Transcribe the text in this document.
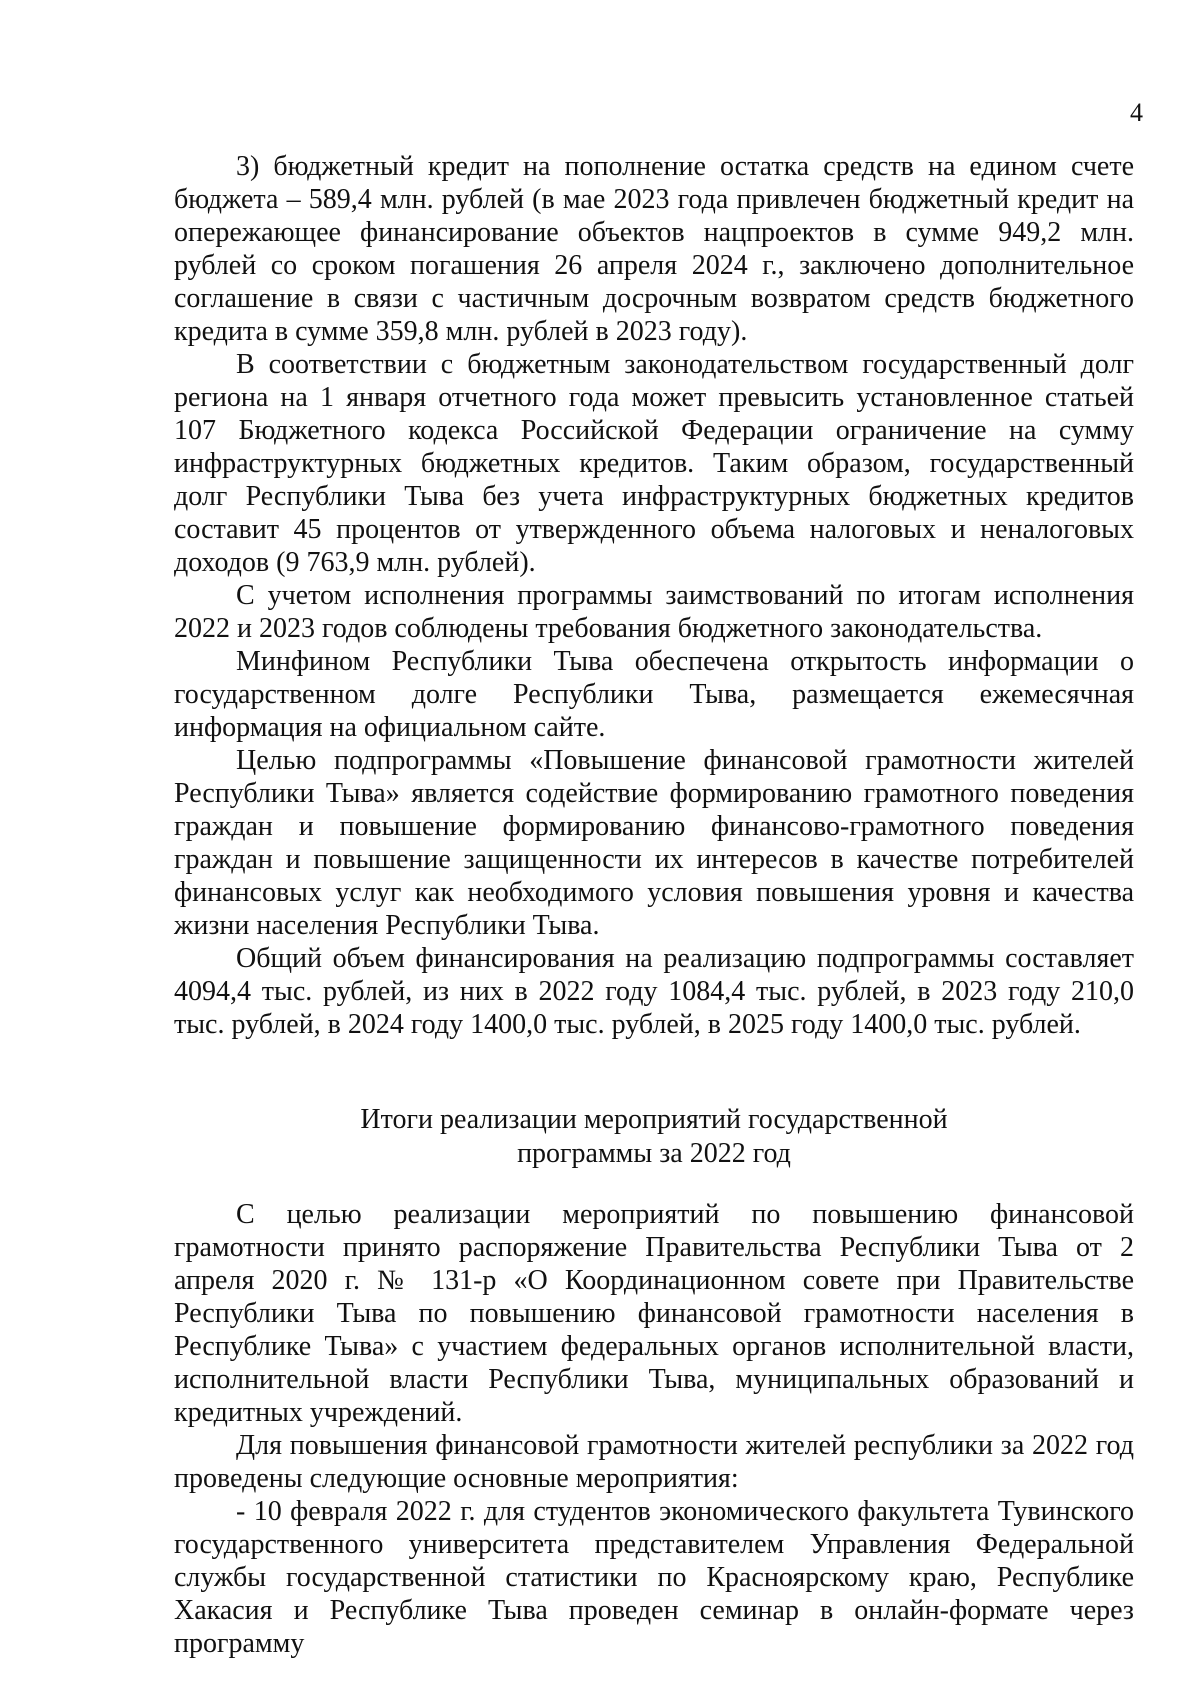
4

3) бюджетный кредит на пополнение остатка средств на едином счете бюджета – 589,4 млн. рублей (в мае 2023 года привлечен бюджетный кредит на опережающее финансирование объектов нацпроектов в сумме 949,2 млн. рублей со сроком погашения 26 апреля 2024 г., заключено дополнительное соглашение в связи с частичным досрочным возвратом средств бюджетного кредита в сумме 359,8 млн. рублей в 2023 году).

В соответствии с бюджетным законодательством государственный долг региона на 1 января отчетного года может превысить установленное статьей 107 Бюджетного кодекса Российской Федерации ограничение на сумму инфраструктурных бюджетных кредитов. Таким образом, государственный долг Республики Тыва без учета инфраструктурных бюджетных кредитов составит 45 процентов от утвержденного объема налоговых и неналоговых доходов (9 763,9 млн. рублей).

С учетом исполнения программы заимствований по итогам исполнения 2022 и 2023 годов соблюдены требования бюджетного законодательства.

Минфином Республики Тыва обеспечена открытость информации о государственном долге Республики Тыва, размещается ежемесячная информация на официальном сайте.

Целью подпрограммы «Повышение финансовой грамотности жителей Республики Тыва» является содействие формированию грамотного поведения граждан и повышение формированию финансово-грамотного поведения граждан и повышение защищенности их интересов в качестве потребителей финансовых услуг как необходимого условия повышения уровня и качества жизни населения Республики Тыва.

Общий объем финансирования на реализацию подпрограммы составляет 4094,4 тыс. рублей, из них в 2022 году 1084,4 тыс. рублей, в 2023 году 210,0 тыс. рублей, в 2024 году 1400,0 тыс. рублей, в 2025 году 1400,0 тыс. рублей.

Итоги реализации мероприятий государственной
программы за 2022 год

С целью реализации мероприятий по повышению финансовой грамотности принято распоряжение Правительства Республики Тыва от 2 апреля 2020 г. № 131-р «О Координационном совете при Правительстве Республики Тыва по повышению финансовой грамотности населения в Республике Тыва» с участием федеральных органов исполнительной власти, исполнительной власти Республики Тыва, муниципальных образований и кредитных учреждений.

Для повышения финансовой грамотности жителей республики за 2022 год проведены следующие основные мероприятия:

- 10 февраля 2022 г. для студентов экономического факультета Тувинского государственного университета представителем Управления Федеральной службы государственной статистики по Красноярскому краю, Республике Хакасия и Республике Тыва проведен семинар в онлайн-формате через программу
